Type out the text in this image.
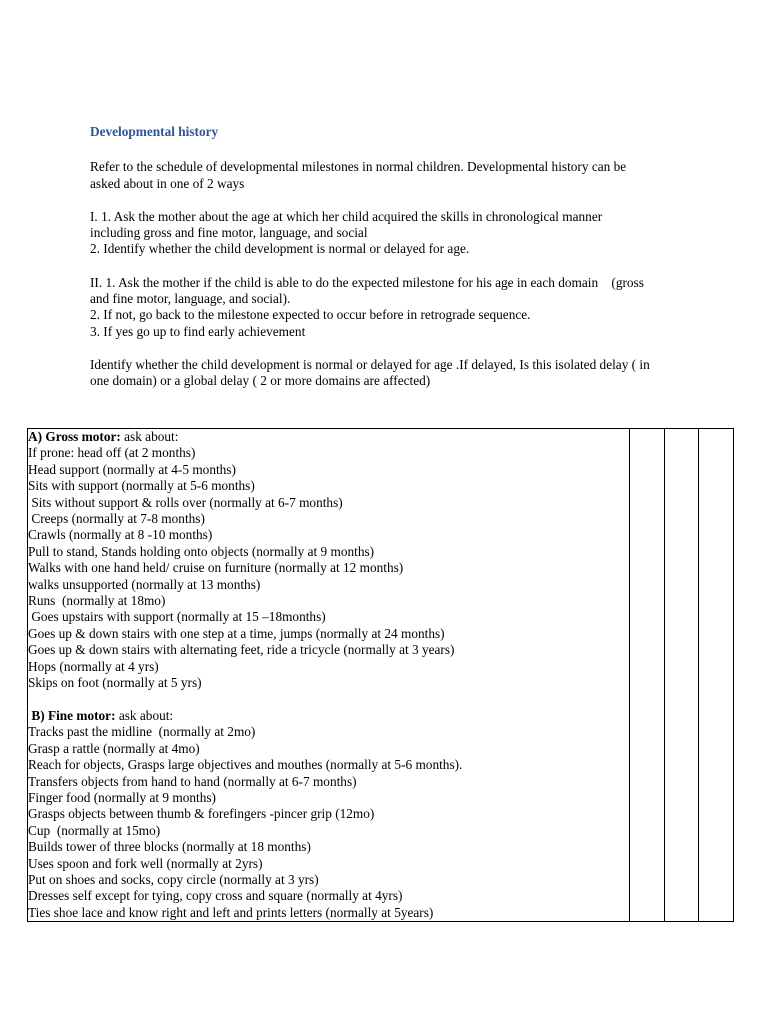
Developmental history
Refer to the schedule of developmental milestones in normal children. Developmental history can be
asked about in one of 2 ways
I. 1. Ask the mother about the age at which her child acquired the skills in chronological manner
including gross and fine motor, language, and social
2. Identify whether the child development is normal or delayed for age.
II. 1. Ask the mother if the child is able to do the expected milestone for his age in each domain    (gross
and fine motor, language, and social).
2. If not, go back to the milestone expected to occur before in retrograde sequence.
3. If yes go up to find early achievement
Identify whether the child development is normal or delayed for age .If delayed, Is this isolated delay ( in
one domain) or a global delay ( 2 or more domains are affected)
A) Gross motor: ask about:
If prone: head off (at 2 months)
Head support (normally at 4-5 months)
Sits with support (normally at 5-6 months)
Sits without support & rolls over (normally at 6-7 months)
Creeps (normally at 7-8 months)
Crawls (normally at 8 -10 months)
Pull to stand, Stands holding onto objects (normally at 9 months)
Walks with one hand held/ cruise on furniture (normally at 12 months)
walks unsupported (normally at 13 months)
Runs  (normally at 18mo)
Goes upstairs with support (normally at 15 –18months)
Goes up & down stairs with one step at a time, jumps (normally at 24 months)
Goes up & down stairs with alternating feet, ride a tricycle (normally at 3 years)
Hops (normally at 4 yrs)
Skips on foot (normally at 5 yrs)
B) Fine motor: ask about:
Tracks past the midline  (normally at 2mo)
Grasp a rattle (normally at 4mo)
Reach for objects, Grasps large objectives and mouthes (normally at 5-6 months).
Transfers objects from hand to hand (normally at 6-7 months)
Finger food (normally at 9 months)
Grasps objects between thumb & forefingers -pincer grip (12mo)
Cup  (normally at 15mo)
Builds tower of three blocks (normally at 18 months)
Uses spoon and fork well (normally at 2yrs)
Put on shoes and socks, copy circle (normally at 3 yrs)
Dresses self except for tying, copy cross and square (normally at 4yrs)
Ties shoe lace and know right and left and prints letters (normally at 5years)
